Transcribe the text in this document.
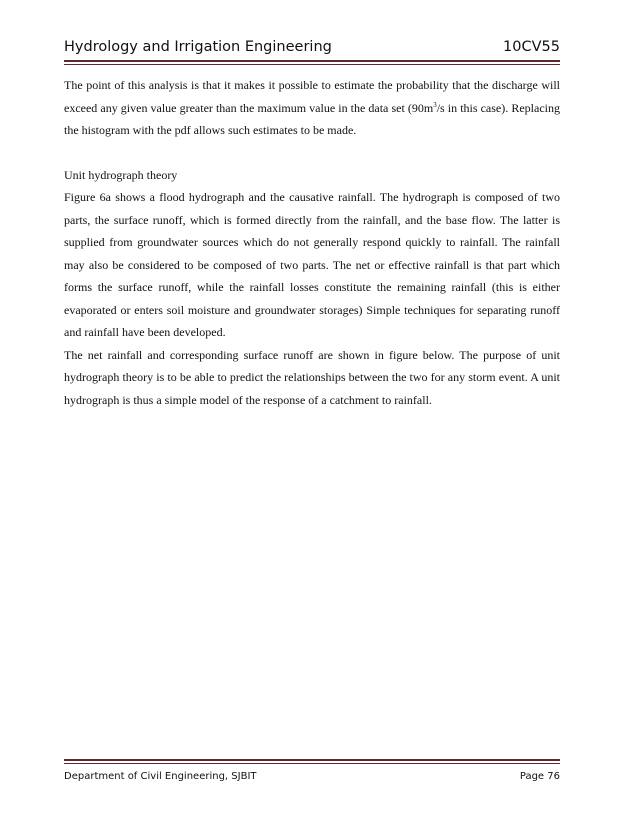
Hydrology and Irrigation Engineering	10CV55

The point of this analysis is that it makes it possible to estimate the probability that the discharge will exceed any given value greater than the maximum value in the data set ($90m^3/s$ in this case). Replacing the histogram with the pdf allows such estimates to be made.

Unit hydrograph theory

Figure 6a shows a flood hydrograph and the causative rainfall. The hydrograph is composed of two parts, the surface runoff, which is formed directly from the rainfall, and the base flow. The latter is supplied from groundwater sources which do not generally respond quickly to rainfall. The rainfall may also be considered to be composed of two parts. The net or effective rainfall is that part which forms the surface runoff, while the rainfall losses constitute the remaining rainfall (this is either evaporated or enters soil moisture and groundwater storages) Simple techniques for separating runoff and rainfall have been developed.

The net rainfall and corresponding surface runoff are shown in figure below. The purpose of unit hydrograph theory is to be able to predict the relationships between the two for any storm event. A unit hydrograph is thus a simple model of the response of a catchment to rainfall.

Department of Civil Engineering, SJBIT	Page 76
